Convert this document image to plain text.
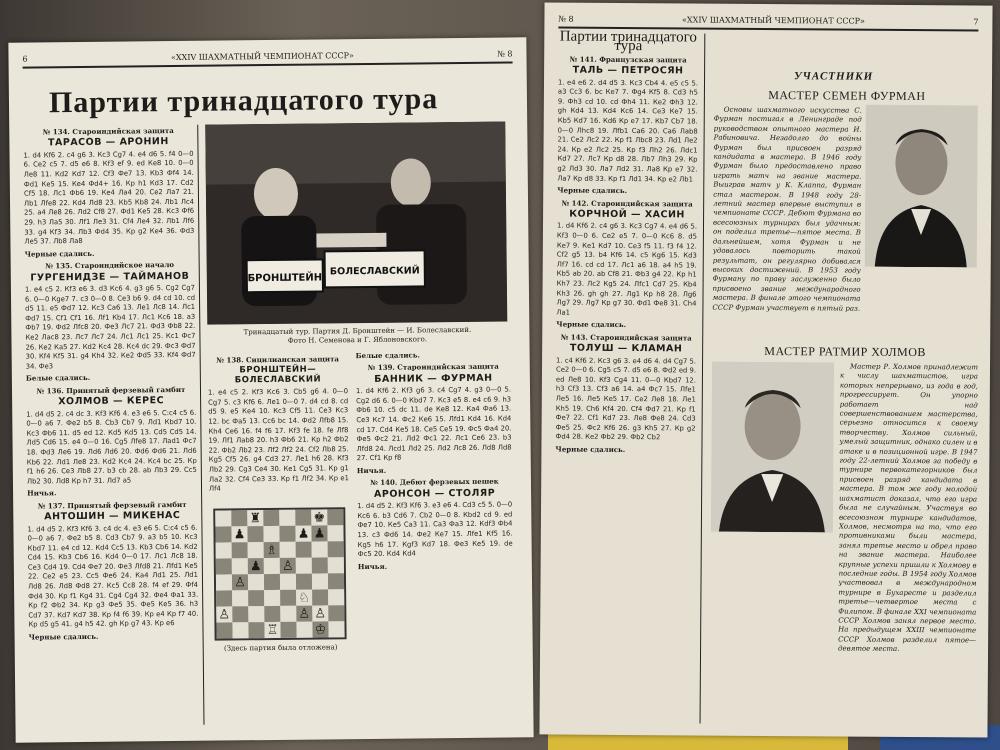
6	«XXIV ШАХМАТНЫЙ ЧЕМПИОНАТ СССР»	№ 8
Партии тринадцатого тура
№ 134. Староиндийская защита
ТАРАСОВ — АРОНИН

1. d4 Кf6 2. c4 g6 3. Кс3 Сg7 4. e4 d6 5. f4 0—0 6. Сe2 c5 7. d5 e6 8. Кf3 ef 9. ed Кe8 10. 0—0 Лe8 11. Кd2 Кd7 12. Сf3 Фe7 13. Кb3 Фf4 14. Фd1 Кe5 15. Кe4 Фd4+ 16. Кр h1 Кd3 17. Сd2 Сf5 18. Лc1 Фb6 19. Кe4 Лa4 20. Сe2 Лa7 21. Лb1 Лfe8 22. Кd4 Лd8 23. Кb5 Кb8 24. Лb1 Лc4 25. a4 Лe8 26. Лd2 Cf8 27. Фd1 Кe5 28. Кc3 Фf6 29. h3 Ла5 30. Лf1 Лe3 31. Сf4 Лe4 32. Лb1 Лf6 33. g4 Кf3 34. Лb3 Фd4 35. Кр g2 Кe4 36. Фd3 Лe5 37. Лb8 Лa8

Черные сдались.

№ 135. Староиндийское начало
ГУРГЕНИДЗЕ — ТАЙМАНОВ

1. e4 c5 2. Кf3 e6 3. d3 Кc6 4. g3 g6 5. Сg2 Сg7 6. 0—0 Кge7 7. c3 0—0 8. Сe3 b6 9. d4 cd 10. cd d5 11. e5 Фd7 12. Кc3 Сa6 13. Лe1 Лc8 14. Лc1 Фd7 15. Сf1 Сf1 16. Лf1 Кb4 17. Лc1 Кc6 18. a3 Фb7 19. Фd2 Лfc8 20. Фe3 Лc7 21. Фd3 Фb8 22. Кe2 Лac8 23. Лc7 Лc7 24. Лc1 Лc1 25. Кc1 Фc7 26. Кe2 Кa5 27. Кd2 Кc4 28. Кc4 dc 29. Фc3 Фd7 30. Кf4 Кf5 31. g4 Кh4 32. Кe2 Фd5 33. Кf4 Фd7 34. Фe3

Белые сдались.

№ 136. Принятый ферзевый гамбит
ХОЛМОВ — КЕРЕС

1. d4 d5 2. c4 dc 3. Кf3 Кf6 4. e3 e6 5. С:c4 c5 6. 0—0 a6 7. Фe2 b5 8. Сb3 Сb7 9. Лd1 Кbd7 10. Кc3 Фb6 11. d5 ed 12. Кd5 Кd5 13. Сd5 Сd5 14. Лd5 Сd6 15. e4 0—0 16. Сg5 Лfe8 17. Лad1 Фc7 18. Фd3 Лe6 19. Лd6 Лd6 20. Фd6 Фd6 21. Лd6 Кb6 22. Лd1 Лe8 23. Кd2 Кc4 24. Кc4 bc 25. Кр f1 h6 26. Сe3 Лb8 27. b3 cb 28. ab Лb3 29. Сc5 Лb2 30. Лd8 Кр h7 31. Лd7 a5

Ничья.

№ 137. Принятый ферзевый гамбит
АНТОШИН — МИКЕНАС

1. d4 d5 2. Кf3 Кf6 3. c4 dc 4. e3 e6 5. С:c4 c5 6. 0—0 a6 7. Фe2 b5 8. Сd3 Сb7 9. a3 b5 10. Кc3 Кbd7 11. e4 cd 12. Кd4 Сc5 13. Кb3 Сb6 14. Кd2 Сd4 15. Кb3 Сb6 16. Кd4 0—0 17. Лc1 Лc8 18. Сe3 Сd4 19. Сd4 Фe7 20. Фe3 Лfd8 21. Лfd1 Кe5 22. Сe2 e5 23. Сc5 Фe6 24. Кa4 Лd1 25. Лd1 Лd8 26. Лd8 Фd8 27. Кc5 Сc8 28. f4 ef 29. Фf4 Фd4 30. Кр f1 Кg4 31. Сg4 Сg4 32. Фe4 Фa1 33. Кр f2 Фb2 34. Кр g3 Фe5 35. Фe5 Кe5 36. h3 Сd7 37. Кd7 Кd7 38. Кр f4 f6 39. Кр e4 Кр f7 40. Кр d5 g5 41. g4 h5 42. gh Кр g7 43. Кр e6

Черные сдались.

БРОНШТЕЙН
БОЛЕСЛАВСКИЙ
Тринадцатый тур. Партия Д. Бронштейн — И. Болеславский.
Фото Н. Семенова и Г. Яблоновского.
№ 138. Сицилианская защита
БРОНШТЕЙН—БОЛЕСЛАВСКИЙ

1. e4 c5 2. Кf3 Кc6 3. Сb5 g6 4. 0—0 Сg7 5. c3 Кf6 6. Лe1 0—0 7. d4 cd 8. cd d5 9. e5 Кe4 10. Кc3 Сf5 11. Сe3 Кc3 12. bc Фa5 13. Сc6 bc 14. Фd2 Лfb8 15. Кh4 Сe6 16. f4 f6 17. Кf3 fe 18. fe Лf8 19. Лf1 Лab8 20. h3 Фb6 21. Кр h2 Фb2 22. Фb2 Лb2 23. Лf2 Лf2 24. Сf2 Лb8 25. Кg5 Сf5 26. g4 Сd3 27. Лe1 h6 28. Кf3 Лb2 29. Сg3 Сe4 30. Кe1 Сg5 31. Кр g1 Лa2 32. Сf4 Сe3 33. Кр f1 Лf2 34. Кр e1 Лf4

♜	♚
♟	♟ ♟
♗
♟ ♙
♙
♘
♙	♙ ♙
♖	♔
(Здесь партия была отложена)

Белые сдались.

№ 139. Староиндийская защита
БАННИК — ФУРМАН

1. d4 Кf6 2. Кf3 g6 3. c4 Сg7 4. g3 0—0 5. Сg2 d6 6. 0—0 Кbd7 7. Кc3 e5 8. e4 c6 9. h3 Фb6 10. c5 dc 11. de Кe8 12. Кa4 Фa6 13. Сe3 Кc7 14. Фc2 Кe6 15. Лfd1 Кd4 16. Кd4 cd 17. Сd4 Кe5 18. Сe5 Сe5 19. Фc5 Фa4 20. Фe5 Фc2 21. Лd2 Фc1 22. Лc1 Сe6 23. b3 Лfd8 24. Лcd1 Лd2 25. Лd2 Лc8 26. Лd8 Лd8 27. Сf1 Кр f8

Ничья.

№ 140. Дебют ферзевых пешек
АРОНСОН — СТОЛЯР

1. d4 d5 2. Кf3 Кf6 3. e3 e6 4. Сd3 c5 5. 0—0 Кc6 6. b3 Сd6 7. Сb2 0—0 8. Кbd2 cd 9. ed Фe7 10. Кe5 Сa3 11. Сa3 Фa3 12. Кdf3 Фb4 13. c3 Фd6 14. Фe2 Кe7 15. Лfe1 Кf5 16. Кg5 h6 17. Кgf3 Кd7 18. Фe3 Кe5 19. de Фc5 20. Кd4 Кd4

Ничья.

№ 8	«XXIV ШАХМАТНЫЙ ЧЕМПИОНАТ СССР»	7
Партии тринадцатого тура
№ 141. Французская защита
ТАЛЬ — ПЕТРОСЯН

1. e4 e6 2. d4 d5 3. Кc3 Сb4 4. e5 c5 5. a3 Сc3 6. bc Кe7 7. Фg4 Кf5 8. Сd3 h5 9. Фh3 cd 10. cd Фh4 11. Кe2 Фh3 12. gh Кd4 13. Кd4 Кc6 14. Сe3 Кe7 15. Кb5 Кd7 16. Кd6 Кр e7 17. Кb7 Сb7 18. 0—0 Лhc8 19. Лfb1 Сa6 20. Сa6 Лab8 21. Сe2 Лc2 22. Кр f1 Лbc8 23. Лd1 Лe2 24. Кр e2 Лc2 25. Кр f3 Лh2 26. Лdc1 Кd7 27. Лc7 Кр d8 28. Лb7 Лh3 29. Кр g2 Лd3 30. Лa7 Лd2 31. Лa8 Кр e7 32. Лa7 Кр d8 33. Кр f1 Лd1 34. Кр e2 Лb1

Черные сдались.

№ 142. Староиндийская защита
КОРЧНОЙ — ХАСИН

1. d4 Кf6 2. c4 g6 3. Кc3 Сg7 4. e4 d6 5. Кf3 0—0 6. Сe2 e5 7. 0—0 Кc6 8. d5 Кe7 9. Кe1 Кd7 10. Сe3 f5 11. f3 f4 12. Сf2 g5 13. b4 Кf6 14. c5 Кg6 15. Кd3 Лf7 16. cd cd 17. Лc1 a6 18. a4 h5 19. Кb5 ab 20. ab Сf8 21. Фb3 g4 22. Кр h1 Кh7 23. Лc2 Кg5 24. Лfc1 Сd7 25. Кb4 Кh3 26. gh gh 27. Лg1 Кр h8 28. Лg6 Лg7 29. Лg7 Кр g7 30. Фd1 Фe8 31. Сh4 Лa1

Черные сдались.

№ 143. Староиндийская защита
ТОЛУШ — КЛАМАН

1. c4 Кf6 2. Кc3 g6 3. e4 d6 4. d4 Сg7 5. Сe2 0—0 6. Сg5 c5 7. d5 e6 8. Фd2 ed 9. ed Лe8 10. Кf3 Сg4 11. 0—0 Кbd7 12. h3 Сf3 13. Сf3 a6 14. a4 Фc7 15. Лfe1 Лe5 16. Лe5 Кe5 17. Сe2 Лe8 18. Лe1 Кh5 19. Сh6 Кf4 20. Сf4 Фd7 21. Кр f1 Фe7 22. Сf1 Кd7 23. Лe8 Фe8 24. Сd3 Фe5 25. Фc2 Кf6 26. g3 Кh5 27. Кр g2 Фd4 28. Кe2 Фb2 29. Фb2 Сb2

Черные сдались.

УЧАСТНИКИ
МАСТЕР СЕМЕН ФУРМАН

Основы шахматного искусства С. Фурман постигал в Ленинграде под руководством опытного мастера И. Рабиновича. Незадолго до войны Фурман был присвоен разряд кандидата в мастера. В 1946 году Фурман было предоставлено право играть матч на звание мастера. Выиграв матч у К. Клаппа, Фурман стал мастером. В 1948 году 28-летний мастер впервые выступил в чемпионате СССР. Дебют Фурмана во всесоюзных турнирах был удачным: он поделил третье—пятое места. В дальнейшем, хотя Фурман и не удавалось повторить такой результат, он регулярно добивался высоких достижений. В 1953 году Фурману по праву заслуженно было присвоено звание международного мастера. В финале этого чемпионата СССР Фурман участвует в пятый раз.

МАСТЕР РАТМИР ХОЛМОВ

Мастер Р. Холмов принадлежит к числу шахматистов, игра которых непрерывно, из года в год, прогрессирует. Он упорно работает над совершенствованием мастерства, серьезно относится к своему творчеству. Холмов сильный, умелый защитник, однако силен и в атаке и в позиционной игре. В 1947 году 22-летний Холмов за победу в турнире первокатегорников был присвоен разряд кандидата в мастера. В том же году молодой шахматист доказал, что его игра была не случайным. Участвуя во всесоюзном турнире кандидатов, Холмов, несмотря на то, что его противниками были мастера, занял третье место и обрел право на звание мастера. Наиболее крупные успехи пришли к Холмову в последние годы. В 1954 году Холмов участвовал в международном турнире в Бухаресте и разделил третье—четвертое места с Филипом. В финале XXI чемпионата СССР Холмов занял первое место. На предыдущем XXIII чемпионате СССР Холмов разделил пятое—девятое места.
